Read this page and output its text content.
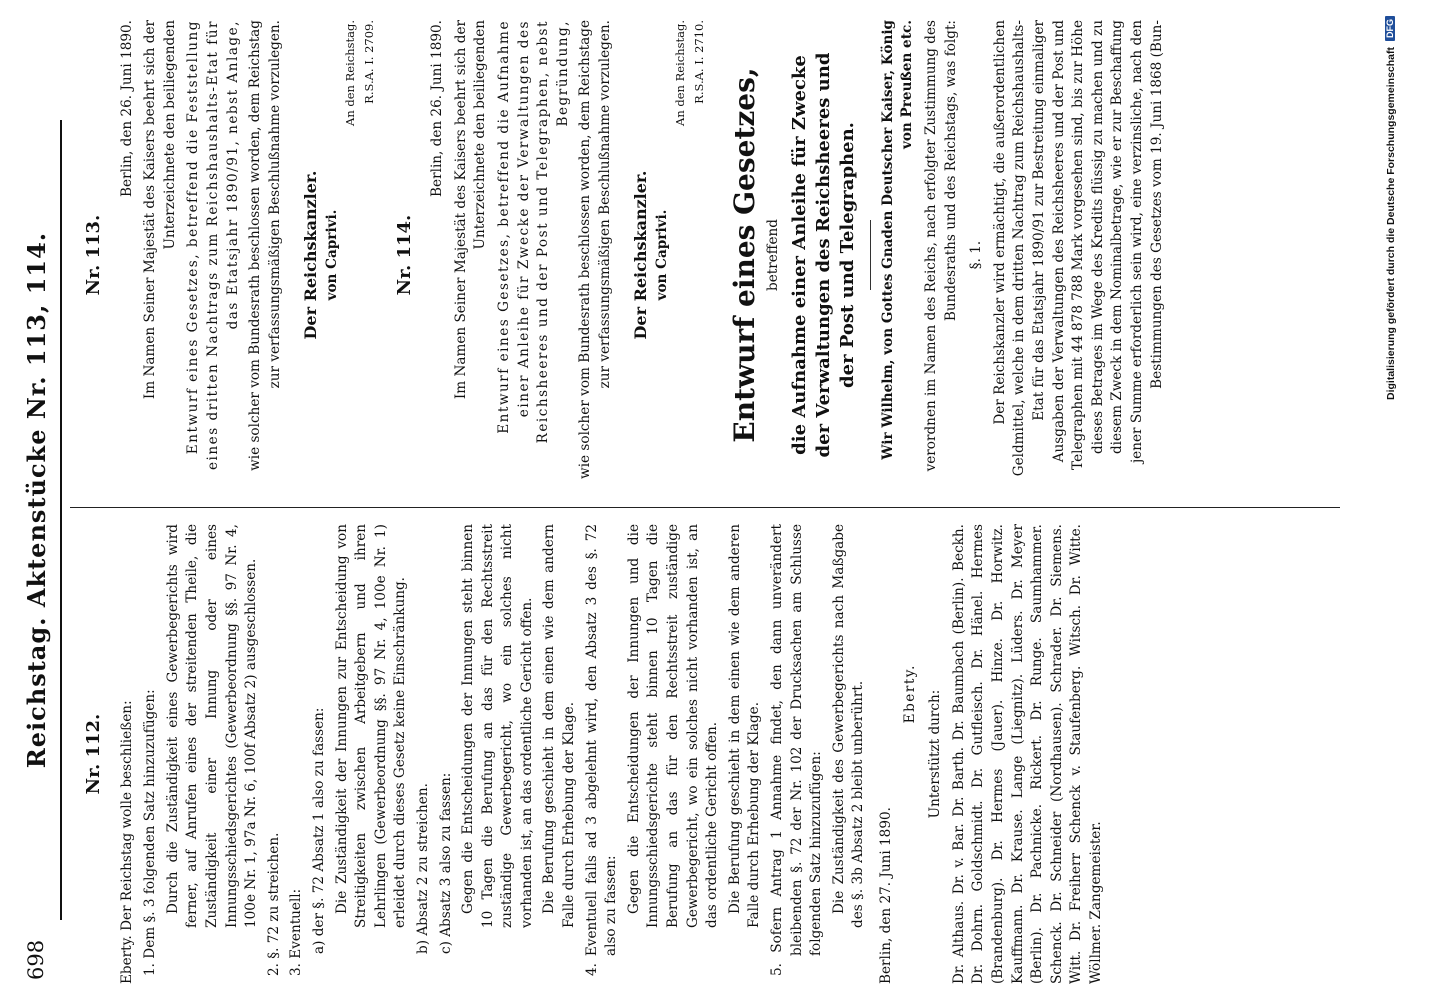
698
Reichstag. Aktenstücke Nr. 113, 114. Nr. 112. Eberty. Der Reichstag wolle beschließen: 1. Dem §. 3 folgenden Satz hinzuzufügen: Durch die Zuständigkeit eines Gewerbegerichts wird ferner, auf Anrufen eines der streitenden Theile, die Zuständigkeit einer Innung oder eines Innungsschiedsgerichtes (Gewerbeordnung §§. 97 Nr. 4, 100e Nr. 1, 97a Nr. 6, 100f Absatz 2) ausgeschlossen. 2. §. 72 zu streichen. 3. Eventuell: a) der §. 72 Absatz 1 also zu fassen: Die Zuständigkeit der Innungen zur Entscheidung von Streitigkeiten zwischen Arbeitgebern und ihren Lehrlingen (Gewerbeordnung §§. 97 Nr. 4, 100e Nr. 1) erleidet durch dieses Gesetz keine Einschränkung. b) Absatz 2 zu streichen. c) Absatz 3 also zu fassen: Gegen die Entscheidungen der Innungen steht binnen 10 Tagen die Berufung an das für den Rechtsstreit zuständige Gewerbegericht, wo ein solches nicht vorhanden ist, an das ordentliche Gericht offen. Die Berufung geschieht in dem einen wie dem andern Falle durch Erhebung der Klage. 4. Eventuell falls ad 3 abgelehnt wird, den Absatz 3 des §. 72 also zu fassen: Gegen die Entscheidungen der Innungen und die Innungsschiedsgerichte steht binnen 10 Tagen die Berufung an das für den Rechtsstreit zuständige Gewerbegericht, wo ein solches nicht vorhanden ist, an das ordentliche Gericht offen. Die Berufung geschieht in dem einen wie dem anderen Falle durch Erhebung der Klage. 5. Sofern Antrag 1 Annahme findet, den dann unverändert bleibenden §. 72 der Nr. 102 der Drucksachen am Schlusse folgenden Satz hinzuzufügen: Die Zuständigkeit des Gewerbegerichts nach Maßgabe des §. 3b Absatz 2 bleibt unberührt. Berlin, den 27. Juni 1890.

Eberty. Unterstützt durch: Dr. Althaus. Dr. v. Bar. Dr. Barth. Dr. Baumbach (Berlin). Beckh. Dr. Dohrn. Goldschmidt. Dr. Gutfleisch. Dr. Hänel. Hermes (Brandenburg). Dr. Hermes (Jauer). Hinze. Dr. Horwitz. Kauffmann. Dr. Krause. Lange (Liegnitz). Lüders. Dr. Meyer (Berlin). Dr. Pachnicke. Rickert. Dr. Runge. Saumhammer. Schenck. Dr. Schneider (Nordhausen). Schrader. Dr. Siemens. Witt. Dr. Freiherr Schenck v. Staufenberg. Witsch. Dr. Witte. Wöllmer. Zangemeister.

Nr. 113.

Berlin, den 26. Juni 1890. Im Namen Seiner Majestät des Kaisers beehrt sich der Unterzeichnete den beiliegenden Entwurf eines Gesetzes, betreffend die Feststellung eines dritten Nachtrags zum Reichshaushalts-Etat für das Etatsjahr 1890/91, nebst Anlage, wie solcher vom Bundesrath beschlossen worden, dem Reichstag zur verfassungsmäßigen Beschlußnahme vorzulegen. Der Reichskanzler. von Caprivi.

An den Reichstag. R.S.A. I. 2709.

Nr. 114.

Berlin, den 26. Juni 1890. Im Namen Seiner Majestät des Kaisers beehrt sich der Unterzeichnete den beiliegenden Entwurf eines Gesetzes, betreffend die Aufnahme einer Anleihe für Zwecke der Verwaltungen des Reichsheeres und der Post und Telegraphen, nebst Begründung, wie solcher vom Bundesrath beschlossen worden, dem Reichstage zur verfassungsmäßigen Beschlußnahme vorzulegen. Der Reichskanzler. von Caprivi.

An den Reichstag. R.S.A. I. 2710.

Entwurf eines Gesetzes, betreffend die Aufnahme einer Anleihe für Zwecke der Verwaltungen des Reichsheeres und der Post und Telegraphen. Wir Wilhelm, von Gottes Gnaden Deutscher Kaiser, König von Preußen etc. verordnen im Namen des Reichs, nach erfolgter Zustimmung des Bundesraths und des Reichstags, was folgt: §. 1. Der Reichskanzler wird ermächtigt, die außerordentlichen Geldmittel, welche in dem dritten Nachtrag zum Reichshaushalts-Etat für das Etatsjahr 1890/91 zur Bestreitung einmaliger Ausgaben der Verwaltungen des Reichsheeres und der Post und Telegraphen mit 44 878 788 Mark vorgesehen sind, bis zur Höhe dieses Betrages im Wege des Kredits flüssig zu machen und zu diesem Zweck in dem Nominalbetrage, wie er zur Beschaffung jener Summe erforderlich sein wird, eine verzinsliche, nach den Bestimmungen des Gesetzes vom 19. Juni 1868 (Bun-	Digitalisierung gefördert durch die Deutsche ForschungsgemeinschaftDFG
